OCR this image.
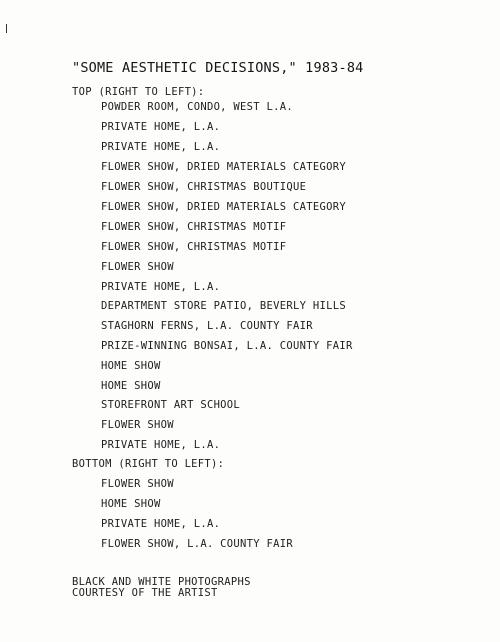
"SOME AESTHETIC DECISIONS," 1983-84
TOP (RIGHT TO LEFT):
POWDER ROOM, CONDO, WEST L.A.
PRIVATE HOME, L.A.
PRIVATE HOME, L.A.
FLOWER SHOW, DRIED MATERIALS CATEGORY
FLOWER SHOW, CHRISTMAS BOUTIQUE
FLOWER SHOW, DRIED MATERIALS CATEGORY
FLOWER SHOW, CHRISTMAS MOTIF
FLOWER SHOW, CHRISTMAS MOTIF
FLOWER SHOW
PRIVATE HOME, L.A.
DEPARTMENT STORE PATIO, BEVERLY HILLS
STAGHORN FERNS, L.A. COUNTY FAIR
PRIZE-WINNING BONSAI, L.A. COUNTY FAIR
HOME SHOW
HOME SHOW
STOREFRONT ART SCHOOL
FLOWER SHOW
PRIVATE HOME, L.A.
BOTTOM (RIGHT TO LEFT):
FLOWER SHOW
HOME SHOW
PRIVATE HOME, L.A.
FLOWER SHOW, L.A. COUNTY FAIR
BLACK AND WHITE PHOTOGRAPHS
COURTESY OF THE ARTIST
